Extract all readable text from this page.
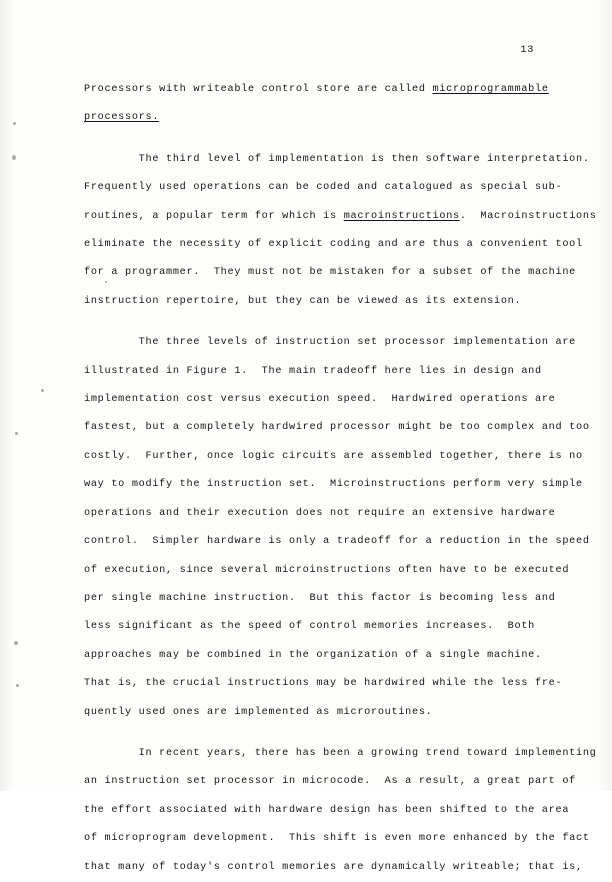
13
Processors with writeable control store are called microprogrammable
processors.
The third level of implementation is then software interpretation.
Frequently used operations can be coded and catalogued as special sub-
routines, a popular term for which is macroinstructions.  Macroinstructions
eliminate the necessity of explicit coding and are thus a convenient tool
for a programmer.  They must not be mistaken for a subset of the machine
instruction repertoire, but they can be viewed as its extension.
The three levels of instruction set processor implementation are
illustrated in Figure 1.  The main tradeoff here lies in design and
implementation cost versus execution speed.  Hardwired operations are
fastest, but a completely hardwired processor might be too complex and too
costly.  Further, once logic circuits are assembled together, there is no
way to modify the instruction set.  Microinstructions perform very simple
operations and their execution does not require an extensive hardware
control.  Simpler hardware is only a tradeoff for a reduction in the speed
of execution, since several microinstructions often have to be executed
per single machine instruction.  But this factor is becoming less and
less significant as the speed of control memories increases.  Both
approaches may be combined in the organization of a single machine.
That is, the crucial instructions may be hardwired while the less fre-
quently used ones are implemented as microroutines.
In recent years, there has been a growing trend toward implementing
an instruction set processor in microcode.  As a result, a great part of
the effort associated with hardware design has been shifted to the area
of microprogram development.  This shift is even more enhanced by the fact
that many of today's control memories are dynamically writeable; that is,
